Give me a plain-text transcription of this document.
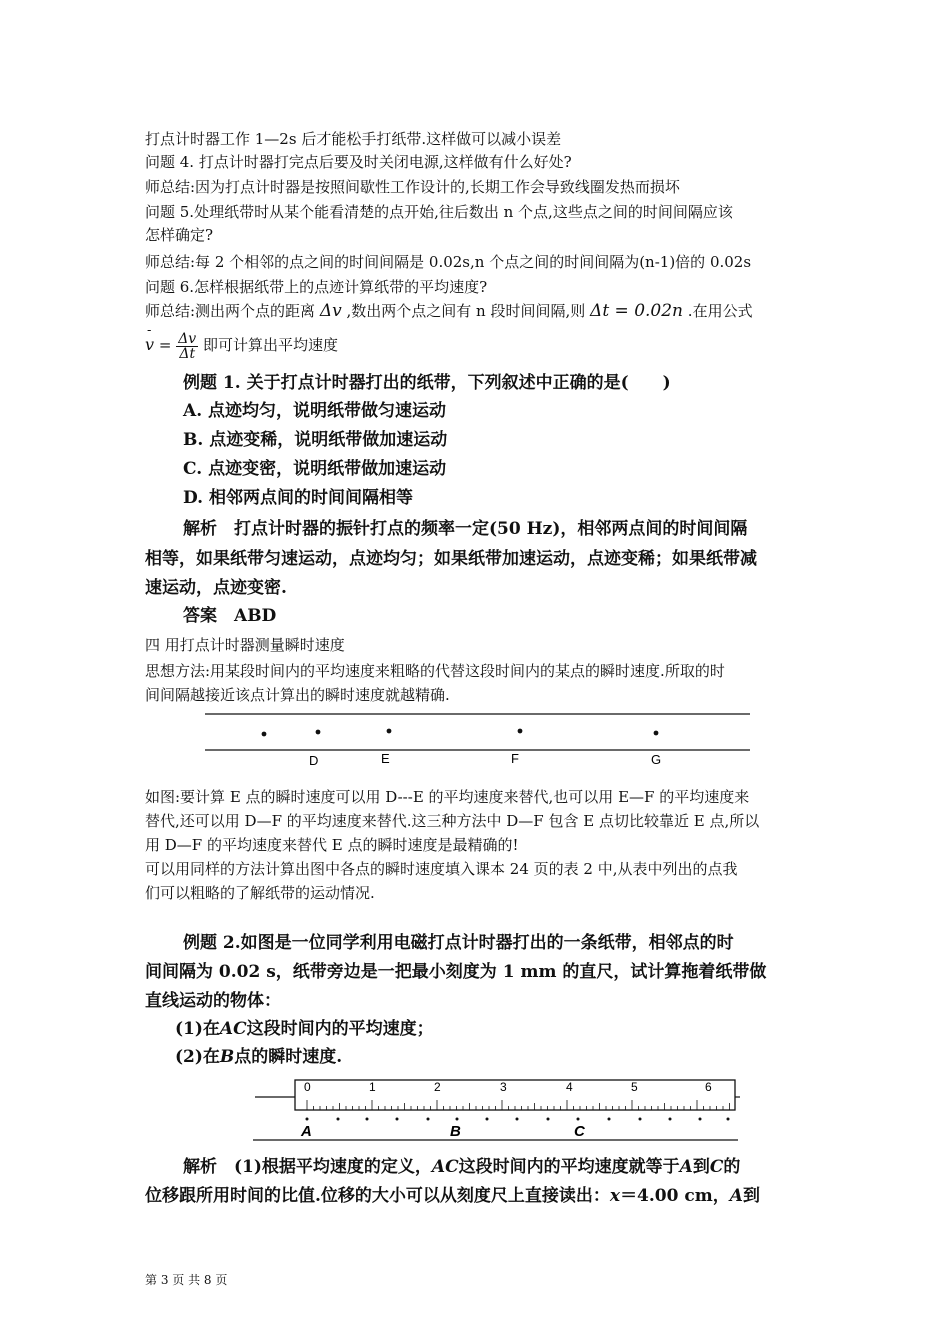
打点计时器工作 1—2s 后才能松手打纸带.这样做可以减小误差
问题 4. 打点计时器打完点后要及时关闭电源,这样做有什么好处?
师总结:因为打点计时器是按照间歇性工作设计的,长期工作会导致线圈发热而损坏
问题 5.处理纸带时从某个能看清楚的点开始,往后数出 n 个点,这些点之间的时间间隔应该
怎样确定?
师总结:每 2 个相邻的点之间的时间间隔是 0.02s,n 个点之间的时间间隔为(n-1)倍的 0.02s
问题 6.怎样根据纸带上的点迹计算纸带的平均速度?
师总结:测出两个点的距离 Δv ,数出两个点之间有 n 段时间间隔,则 Δt = 0.02n .在用公式
- $v = \frac{\Delta v}{\Delta t}$ 即可计算出平均速度
例题 1. 关于打点计时器打出的纸带，下列叙述中正确的是(　　)
A. 点迹均匀，说明纸带做匀速运动
B. 点迹变稀，说明纸带做加速运动
C. 点迹变密，说明纸带做加速运动
D. 相邻两点间的时间间隔相等
解析　打点计时器的振针打点的频率一定(50 Hz)，相邻两点间的时间间隔
相等，如果纸带匀速运动，点迹均匀；如果纸带加速运动，点迹变稀；如果纸带减
速运动，点迹变密.
答案　ABD
四 用打点计时器测量瞬时速度
思想方法:用某段时间内的平均速度来粗略的代替这段时间内的某点的瞬时速度.所取的时
间间隔越接近该点计算出的瞬时速度就越精确.
D	E	F	G
如图:要计算 E 点的瞬时速度可以用 D---E 的平均速度来替代,也可以用 E—F 的平均速度来
替代,还可以用 D—F 的平均速度来替代.这三种方法中 D—F 包含 E 点切比较靠近 E 点,所以
用 D—F 的平均速度来替代 E 点的瞬时速度是最精确的!
可以用同样的方法计算出图中各点的瞬时速度填入课本 24 页的表 2 中,从表中列出的点我
们可以粗略的了解纸带的运动情况.
例题 2.如图是一位同学利用电磁打点计时器打出的一条纸带，相邻点的时
间间隔为 0.02 s，纸带旁边是一把最小刻度为 1 mm 的直尺，试计算拖着纸带做
直线运动的物体：
(1)在AC这段时间内的平均速度；
(2)在B点的瞬时速度.
0	1	2	3	4	5	6
A	B	C
解析　(1)根据平均速度的定义，AC这段时间内的平均速度就等于A到C的
位移跟所用时间的比值.位移的大小可以从刻度尺上直接读出：x＝4.00 cm，A到
第 3 页 共 8 页
